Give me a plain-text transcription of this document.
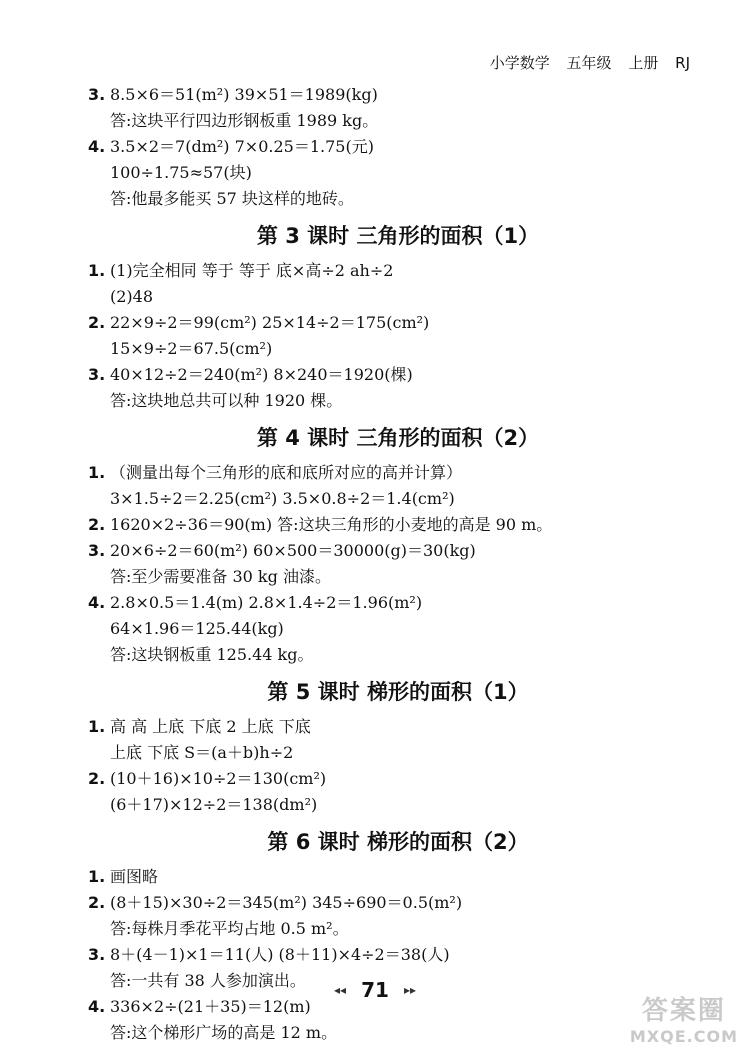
小学数学 五年级 上册 RJ
3. 8.5×6＝51(m²) 39×51＝1989(kg)
答:这块平行四边形钢板重 1989 kg。
4. 3.5×2＝7(dm²) 7×0.25＝1.75(元)
100÷1.75≈57(块)
答:他最多能买 57 块这样的地砖。
第 3 课时 三角形的面积（1）
1. (1)完全相同 等于 等于 底×高÷2 ah÷2
(2)48
2. 22×9÷2＝99(cm²) 25×14÷2＝175(cm²)
15×9÷2＝67.5(cm²)
3. 40×12÷2＝240(m²) 8×240＝1920(棵)
答:这块地总共可以种 1920 棵。
第 4 课时 三角形的面积（2）
1. （测量出每个三角形的底和底所对应的高并计算）
3×1.5÷2＝2.25(cm²) 3.5×0.8÷2＝1.4(cm²)
2. 1620×2÷36＝90(m) 答:这块三角形的小麦地的高是 90 m。
3. 20×6÷2＝60(m²) 60×500＝30000(g)＝30(kg)
答:至少需要准备 30 kg 油漆。
4. 2.8×0.5＝1.4(m) 2.8×1.4÷2＝1.96(m²)
64×1.96＝125.44(kg)
答:这块钢板重 125.44 kg。
第 5 课时 梯形的面积（1）
1. 高 高 上底 下底 2 上底 下底
上底 下底 S＝(a＋b)h÷2
2. (10＋16)×10÷2＝130(cm²)
(6＋17)×12÷2＝138(dm²)
第 6 课时 梯形的面积（2）
1. 画图略
2. (8＋15)×30÷2＝345(m²) 345÷690＝0.5(m²)
答:每株月季花平均占地 0.5 m²。
3. 8＋(4－1)×1＝11(人) (8＋11)×4÷2＝38(人)
答:一共有 38 人参加演出。
4. 336×2÷(21＋35)＝12(m)
答:这个梯形广场的高是 12 m。
◂◂ 71 ▸▸
答案圈
MXQE.COM
